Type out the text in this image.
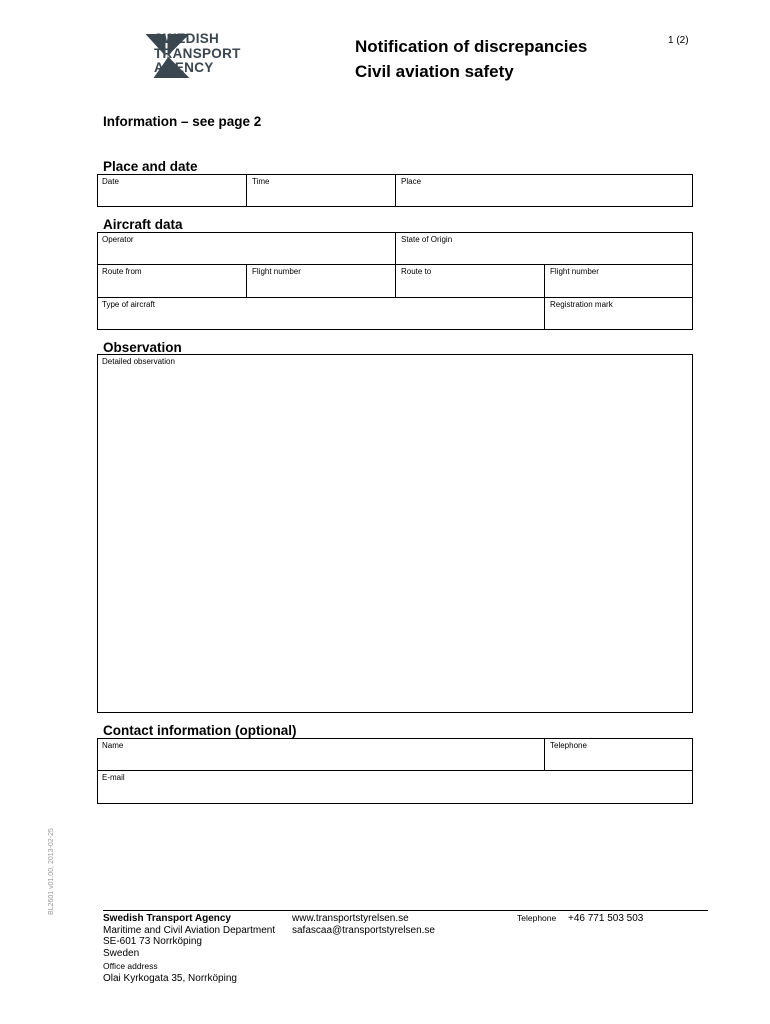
SWEDISH
TRANSPORT
AGENCY
Notification of discrepancies
Civil aviation safety
1 (2)
Information – see page 2
Place and date
Date	Time	Place
Aircraft data
Operator	State of Origin
Route from	Flight number	Route to	Flight number
Type of aircraft	Registration mark
Observation
Detailed observation
Contact information (optional)
Name	Telephone
E-mail
BL2601 v01.00, 2013-02-25
Swedish Transport Agency
Maritime and Civil Aviation Department
SE-601 73 Norrköping
Sweden
Office address
Olai Kyrkogata 35, Norrköping
www.transportstyrelsen.se
safascaa@transportstyrelsen.se
Telephone +46 771 503 503
